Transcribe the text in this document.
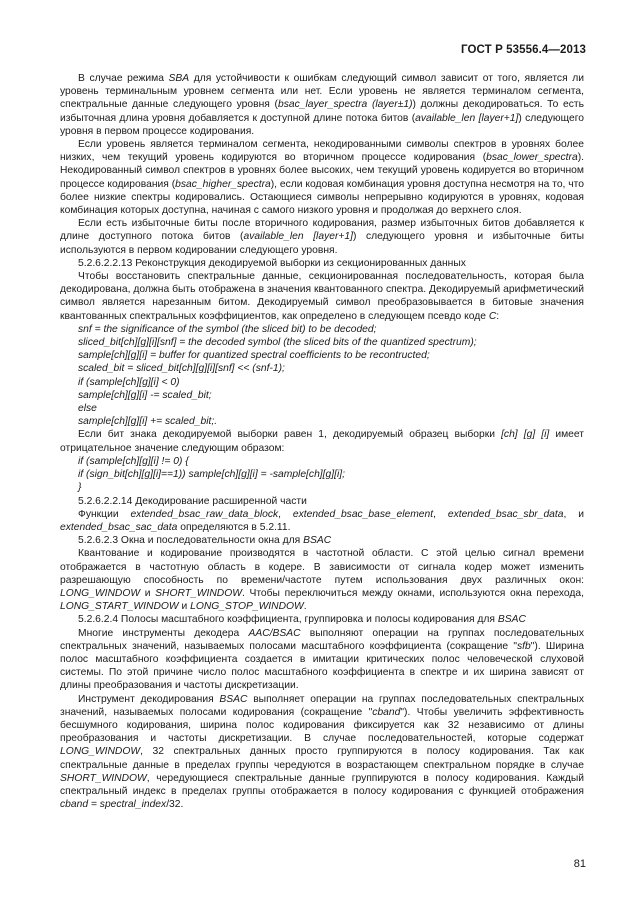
ГОСТ Р 53556.4—2013

В случае режима SBA для устойчивости к ошибкам следующий символ зависит от того, является ли уровень терминальным уровнем сегмента или нет. Если уровень не является терминалом сегмента, спектральные данные следующего уровня (bsac_layer_spectra (layer±1)) должны декодироваться. То есть избыточная длина уровня добавляется к доступной длине потока битов (available_len [layer+1]) следующего уровня в первом процессе кодирования.

Если уровень является терминалом сегмента, некодированными символы спектров в уровнях более низких, чем текущий уровень кодируются во вторичном процессе кодирования (bsac_lower_spectra). Некодированный символ спектров в уровнях более высоких, чем текущий уровень кодируется во вторичном процессе кодирования (bsac_higher_spectra), если кодовая комбинация уровня доступна несмотря на то, что более низкие спектры кодировались. Остающиеся символы непрерывно кодируются в уровнях, кодовая комбинация которых доступна, начиная с самого низкого уровня и продолжая до верхнего слоя.

Если есть избыточные биты после вторичного кодирования, размер избыточных битов добавляется к длине доступного потока битов (available_len [layer+1]) следующего уровня и избыточные биты используются в первом кодировании следующего уровня.

5.2.6.2.2.13 Реконструкция декодируемой выборки из секционированных данных

Чтобы восстановить спектральные данные, секционированная последовательность, которая была декодирована, должна быть отображена в значения квантованного спектра. Декодируемый арифметический символ является нарезанным битом. Декодируемый символ преобразовывается в битовые значения квантованных спектральных коэффициентов, как определено в следующем псевдо коде C:

snf = the significance of the symbol (the sliced bit) to be decoded;

sliced_bit[ch][g][i][snf] = the decoded symbol (the sliced bits of the quantized spectrum);

sample[ch][g][i] = buffer for quantized spectral coefficients to be recontructed;

scaled_bit = sliced_bit[ch][g][i][snf] << (snf-1);

if (sample[ch][g][i] < 0)

sample[ch][g][i] -= scaled_bit;

else

sample[ch][g][i] += scaled_bit;.

Если бит знака декодируемой выборки равен 1, декодируемый образец выборки [ch] [g] [i] имеет отрицательное значение следующим образом:

if (sample[ch][g][i] != 0) {

if (sign_bit[ch][g][i]==1)) sample[ch][g][i] = -sample[ch][g][i];

}

5.2.6.2.2.14 Декодирование расширенной части

Функции extended_bsac_raw_data_block, extended_bsac_base_element, extended_bsac_sbr_data, и extended_bsac_sac_data определяются в 5.2.11.

5.2.6.2.3 Окна и последовательности окна для BSAC

Квантование и кодирование производятся в частотной области. С этой целью сигнал времени отображается в частотную область в кодере. В зависимости от сигнала кодер может изменить разрешающую способность по времени/частоте путем использования двух различных окон: LONG_WINDOW и SHORT_WINDOW. Чтобы переключиться между окнами, используются окна перехода, LONG_START_WINDOW и LONG_STOP_WINDOW.

5.2.6.2.4 Полосы масштабного коэффициента, группировка и полосы кодирования для BSAC

Многие инструменты декодера AAC/BSAC выполняют операции на группах последовательных спектральных значений, называемых полосами масштабного коэффициента (сокращение "sfb"). Ширина полос масштабного коэффициента создается в имитации критических полос человеческой слуховой системы. По этой причине число полос масштабного коэффициента в спектре и их ширина зависят от длины преобразования и частоты дискретизации.

Инструмент декодирования BSAC выполняет операции на группах последовательных спектральных значений, называемых полосами кодирования (сокращение "cband"). Чтобы увеличить эффективность бесшумного кодирования, ширина полос кодирования фиксируется как 32 независимо от длины преобразования и частоты дискретизации. В случае последовательностей, которые содержат LONG_WINDOW, 32 спектральных данных просто группируются в полосу кодирования. Так как спектральные данные в пределах группы чередуются в возрастающем спектральном порядке в случае SHORT_WINDOW, чередующиеся спектральные данные группируются в полосу кодирования. Каждый спектральный индекс в пределах группы отображается в полосу кодирования с функцией отображения cband = spectral_index/32.

81
